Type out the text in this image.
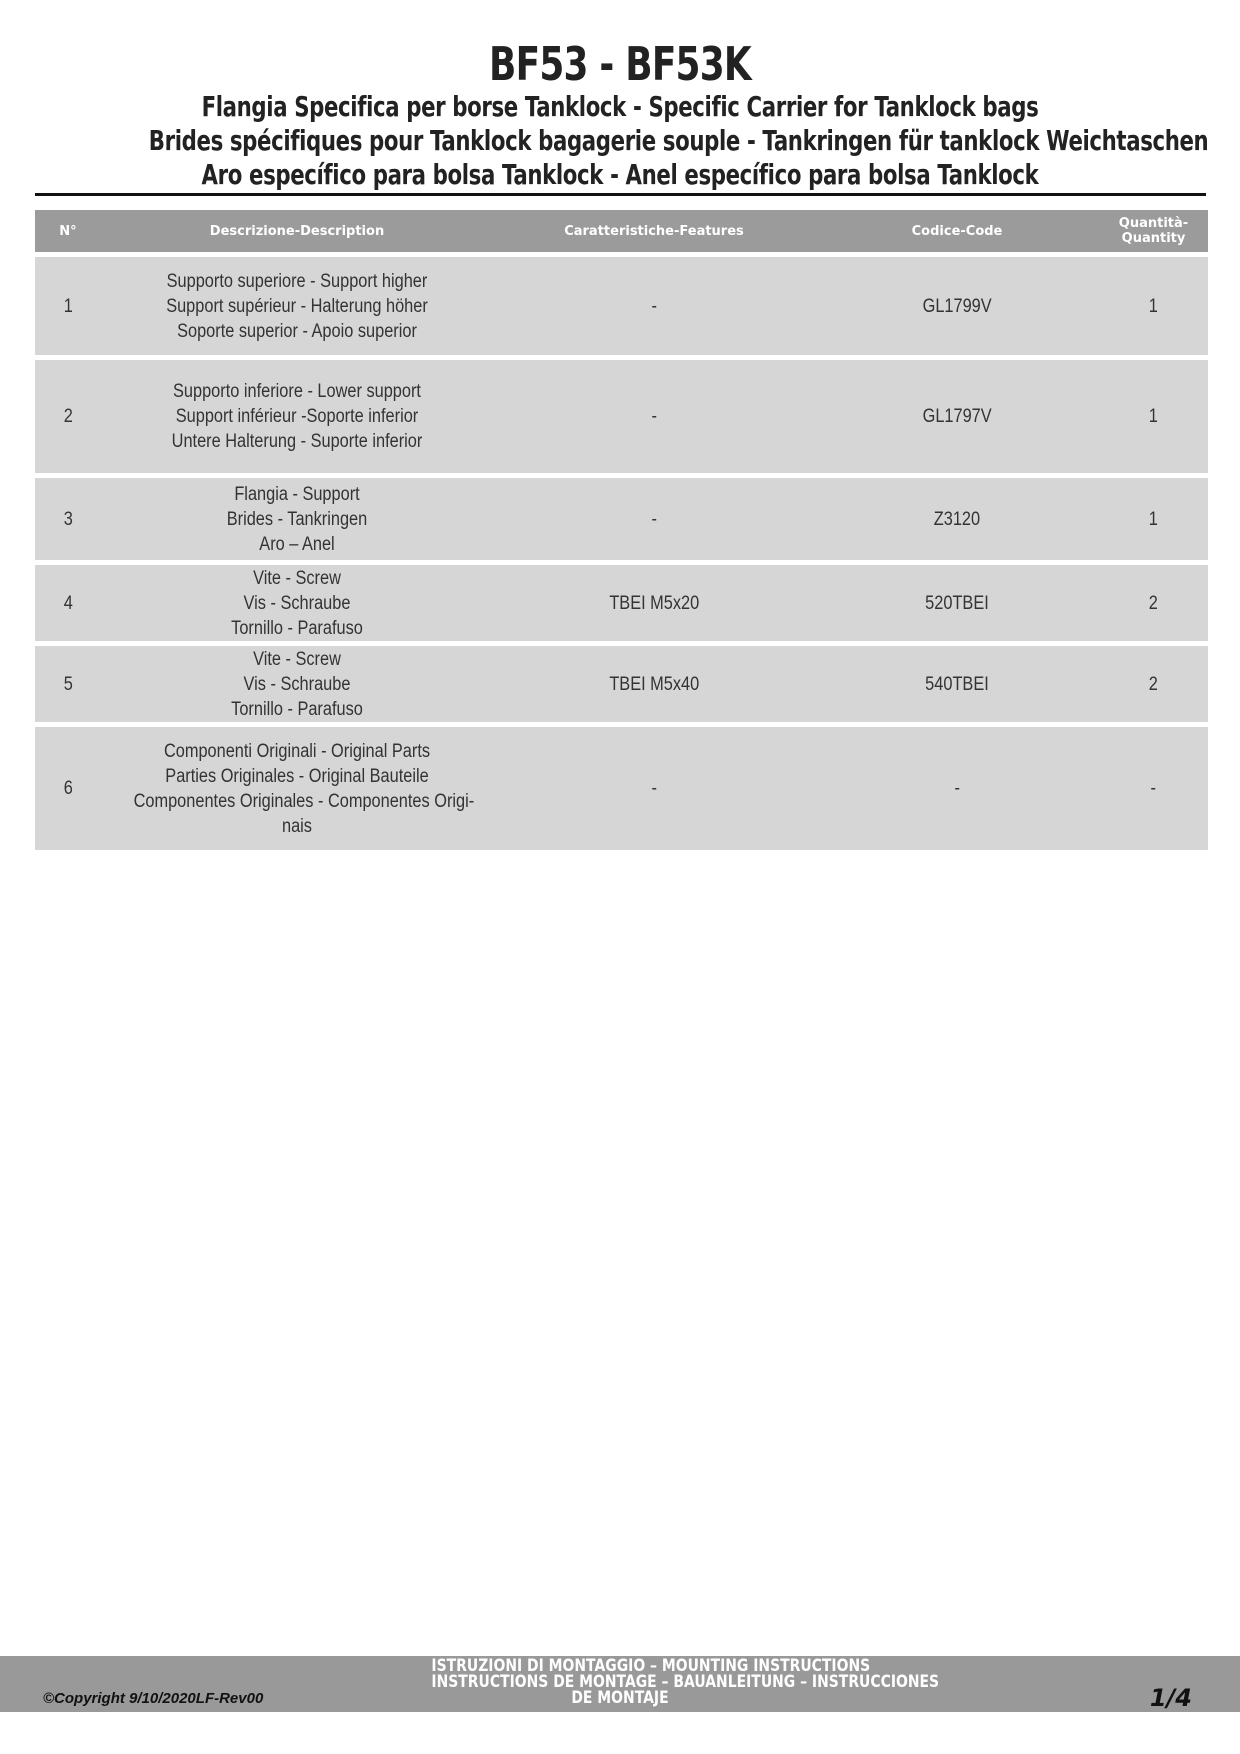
BF53 - BF53K
Flangia Specifica per borse Tanklock - Specific Carrier for Tanklock bags
Brides spécifiques pour Tanklock bagagerie souple - Tankringen für tanklock Weichtaschen
Aro específico para bolsa Tanklock - Anel específico para bolsa Tanklock
N°	Descrizione-Description	Caratteristiche-Features	Codice-Code	Quantità-
Quantity

1	Supporto superiore - Support higher
Support supérieur - Halterung höher
Soporte superior - Apoio superior	-	GL1799V	1
2	Supporto inferiore - Lower support
Support inférieur -Soporte inferior
Untere Halterung - Suporte inferior	-	GL1797V	1
3	Flangia - Support
Brides - Tankringen
Aro – Anel	-	Z3120	1
4	Vite - Screw
Vis - Schraube
Tornillo - Parafuso	TBEI M5x20	520TBEI	2
5	Vite - Screw
Vis - Schraube
Tornillo - Parafuso	TBEI M5x40	540TBEI	2
6	Componenti Originali - Original Parts
Parties Originales - Original Bauteile
Componentes Originales - Componentes Origi-
nais	-	-	-
©Copyright 9/10/2020LF-Rev00
ISTRUZIONI DI MONTAGGIO – MOUNTING INSTRUCTIONS
INSTRUCTIONS DE MONTAGE – BAUANLEITUNG – INSTRUCCIONES
DE MONTAJE	1/4
